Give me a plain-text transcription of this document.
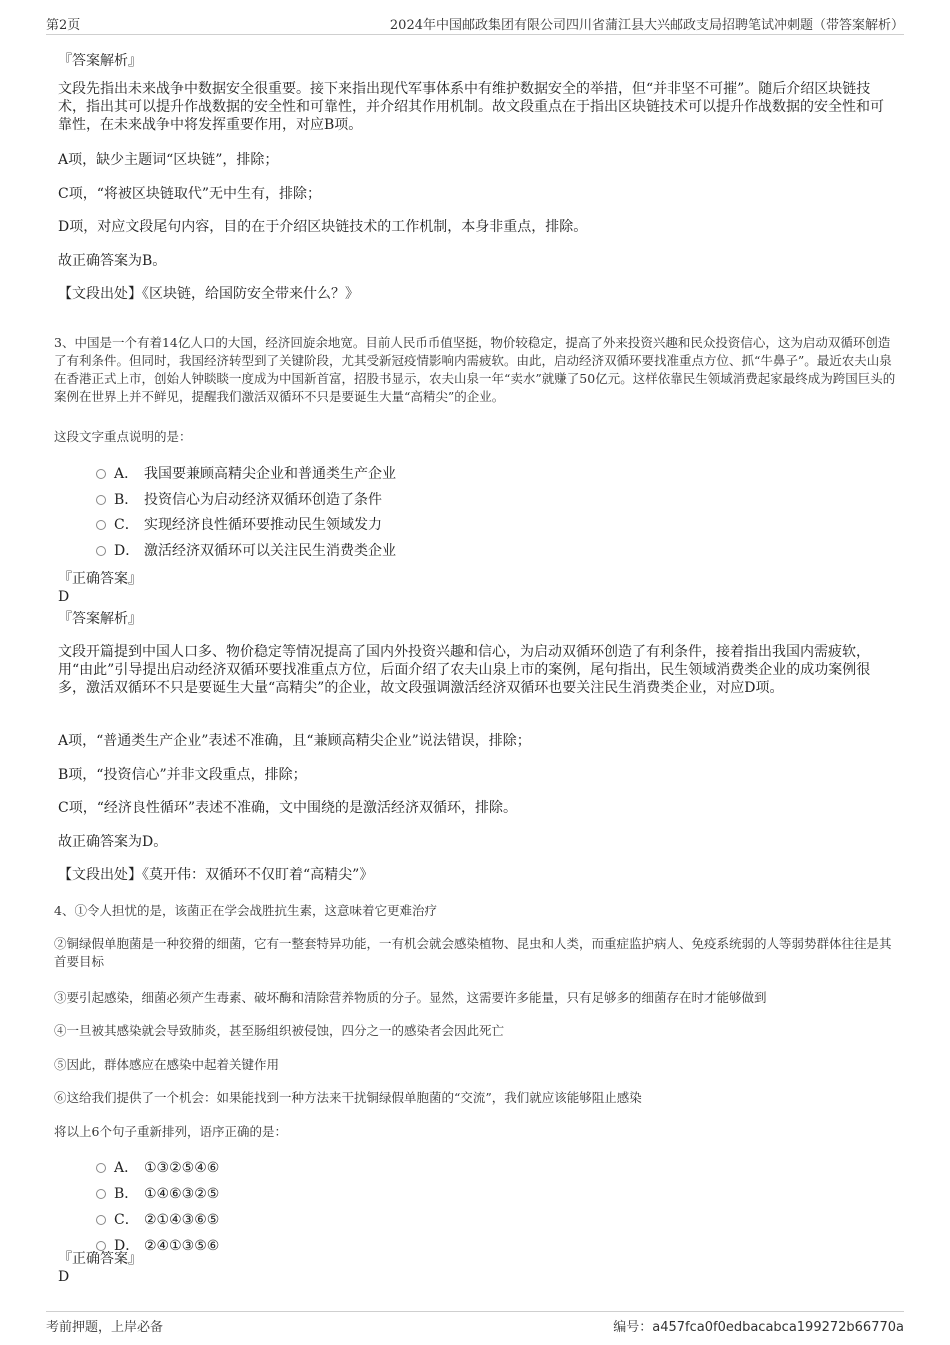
第2页	2024年中国邮政集团有限公司四川省蒲江县大兴邮政支局招聘笔试冲刺题（带答案解析）
『答案解析』
文段先指出未来战争中数据安全很重要。接下来指出现代军事体系中有维护数据安全的举措，但“并非坚不可摧”。随后介绍区块链技术，指出其可以提升作战数据的安全性和可靠性，并介绍其作用机制。故文段重点在于指出区块链技术可以提升作战数据的安全性和可靠性，在未来战争中将发挥重要作用，对应B项。
A项，缺少主题词“区块链”，排除；
C项，“将被区块链取代”无中生有，排除；
D项，对应文段尾句内容，目的在于介绍区块链技术的工作机制，本身非重点，排除。
故正确答案为B。
【文段出处】《区块链，给国防安全带来什么？》
3、中国是一个有着14亿人口的大国，经济回旋余地宽。目前人民币币值坚挺，物价较稳定，提高了外来投资兴趣和民众投资信心，这为启动双循环创造了有利条件。但同时，我国经济转型到了关键阶段，尤其受新冠疫情影响内需疲软。由此，启动经济双循环要找准重点方位、抓“牛鼻子”。最近农夫山泉在香港正式上市，创始人钟睒睒一度成为中国新首富，招股书显示，农夫山泉一年“卖水”就赚了50亿元。这样依靠民生领域消费起家最终成为跨国巨头的案例在世界上并不鲜见，提醒我们激活双循环不只是要诞生大量“高精尖”的企业。
这段文字重点说明的是：
A． 我国要兼顾高精尖企业和普通类生产企业
B． 投资信心为启动经济双循环创造了条件
C． 实现经济良性循环要推动民生领域发力
D． 激活经济双循环可以关注民生消费类企业
『正确答案』
D
『答案解析』
文段开篇提到中国人口多、物价稳定等情况提高了国内外投资兴趣和信心，为启动双循环创造了有利条件，接着指出我国内需疲软，用“由此”引导提出启动经济双循环要找准重点方位，后面介绍了农夫山泉上市的案例，尾句指出，民生领域消费类企业的成功案例很多，激活双循环不只是要诞生大量“高精尖”的企业，故文段强调激活经济双循环也要关注民生消费类企业，对应D项。
A项，“普通类生产企业”表述不准确，且“兼顾高精尖企业”说法错误，排除；
B项，“投资信心”并非文段重点，排除；
C项，“经济良性循环”表述不准确，文中围绕的是激活经济双循环，排除。
故正确答案为D。
【文段出处】《莫开伟：双循环不仅盯着“高精尖”》
4、①令人担忧的是，该菌正在学会战胜抗生素，这意味着它更难治疗
②铜绿假单胞菌是一种狡猾的细菌，它有一整套特异功能，一有机会就会感染植物、昆虫和人类，而重症监护病人、免疫系统弱的人等弱势群体往往是其首要目标
③要引起感染，细菌必须产生毒素、破坏酶和清除营养物质的分子。显然，这需要许多能量，只有足够多的细菌存在时才能够做到
④一旦被其感染就会导致肺炎，甚至肠组织被侵蚀，四分之一的感染者会因此死亡
⑤因此，群体感应在感染中起着关键作用
⑥这给我们提供了一个机会：如果能找到一种方法来干扰铜绿假单胞菌的“交流”，我们就应该能够阻止感染
将以上6个句子重新排列，语序正确的是：
A． ①③②⑤④⑥
B． ①④⑥③②⑤
C． ②①④③⑥⑤
D． ②④①③⑤⑥
『正确答案』
D
考前押题，上岸必备	编号：a457fca0f0edbacabca199272b66770a
